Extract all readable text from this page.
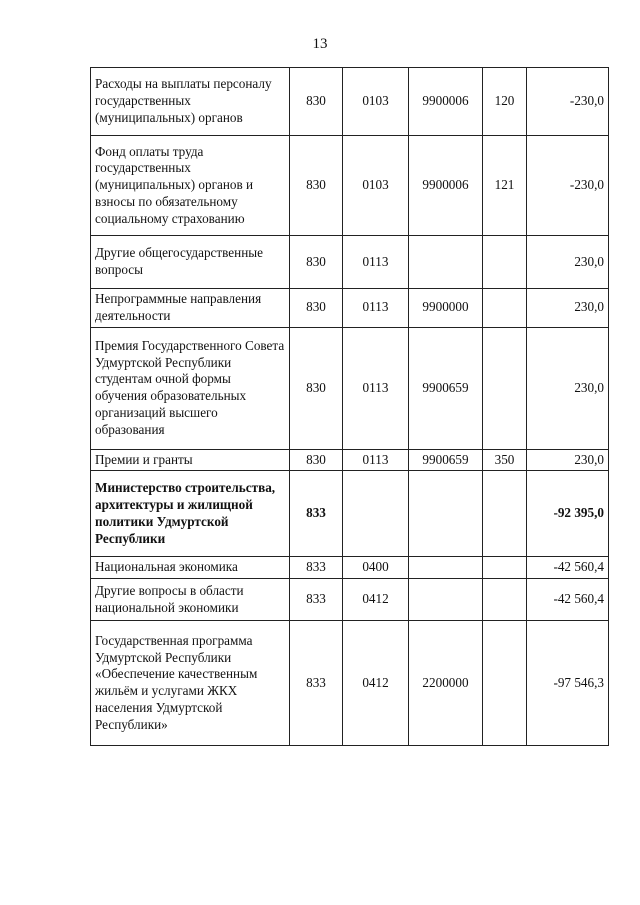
13
Расходы на выплаты персоналу государственных (муниципальных) органов	830	0103	9900006	120	-230,0
Фонд оплаты труда государственных (муниципальных) органов и взносы по обязательному социальному страхованию	830	0103	9900006	121	-230,0
Другие общегосударственные вопросы	830	0113			230,0
Непрограммные направления деятельности	830	0113	9900000		230,0
Премия Государственного Совета Удмуртской Республики студентам очной формы обучения образовательных организаций высшего образования	830	0113	9900659		230,0
Премии и гранты	830	0113	9900659	350	230,0
Министерство строительства, архитектуры и жилищной политики Удмуртской Республики	833				-92 395,0
Национальная экономика	833	0400			-42 560,4
Другие вопросы в области национальной экономики	833	0412			-42 560,4
Государственная программа Удмуртской Республики «Обеспечение качественным жильём и услугами ЖКХ населения Удмуртской Республики»	833	0412	2200000		-97 546,3
